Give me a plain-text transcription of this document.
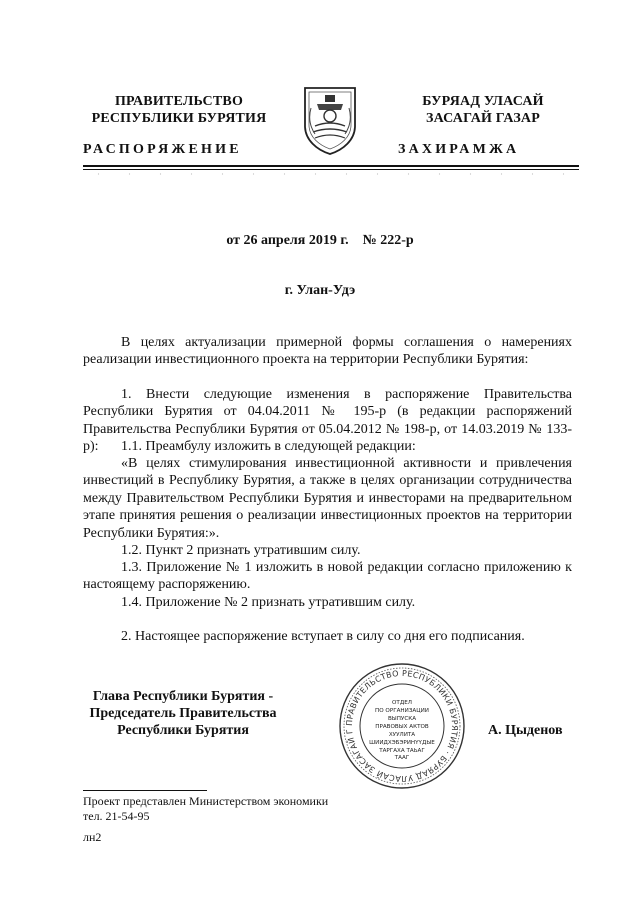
ПРАВИТЕЛЬСТВО
РЕСПУБЛИКИ БУРЯТИЯ
РАСПОРЯЖЕНИЕ
БУРЯАД УЛАСАЙ
ЗАСАГАЙ ГАЗАР
ЗАХИРАМЖА
от 26 апреля 2019 г.    № 222-р
г. Улан-Удэ
В целях актуализации примерной формы соглашения о намерениях реализации инвестиционного проекта на территории Республики Бурятия:
1. Внести следующие изменения в распоряжение Правительства Республики Бурятия от 04.04.2011 № 195-р (в редакции распоряжений Правительства Республики Бурятия от 05.04.2012 № 198-р, от 14.03.2019 № 133-р):	1.1. Преамбулу изложить в следующей редакции:
«В целях стимулирования инвестиционной активности и привлечения инвестиций в Республику Бурятия, а также в целях организации сотрудничества между Правительством Республики Бурятия и инвесторами на предварительном этапе принятия решения о реализации инвестиционных проектов на территории Республики Бурятия:».
1.2. Пункт 2 признать утратившим силу.
1.3. Приложение № 1 изложить в новой редакции согласно приложению к настоящему распоряжению.
1.4. Приложение № 2 признать утратившим силу.
2. Настоящее распоряжение вступает в силу со дня его подписания.
Глава Республики Бурятия -
Председатель Правительства
Республики Бурятия
ПРАВИТЕЛЬСТВО РЕСПУБЛИКИ БУРЯТИЯ · БУРЯАД УЛАСАЙ ЗАСАГАЙ Г
ОТДЕЛ
ПО ОРГАНИЗАЦИИ
ВЫПУСКА
ПРАВОВЫХ АКТОВ
ХУУЛИТА
ШИИДХЭБЭРИНҮҮДЫЕ
ТАРГАХА ТАЬАГ
ТААГ
А. Цыденов
Проект представлен Министерством экономики
тел. 21-54-95
лн2
